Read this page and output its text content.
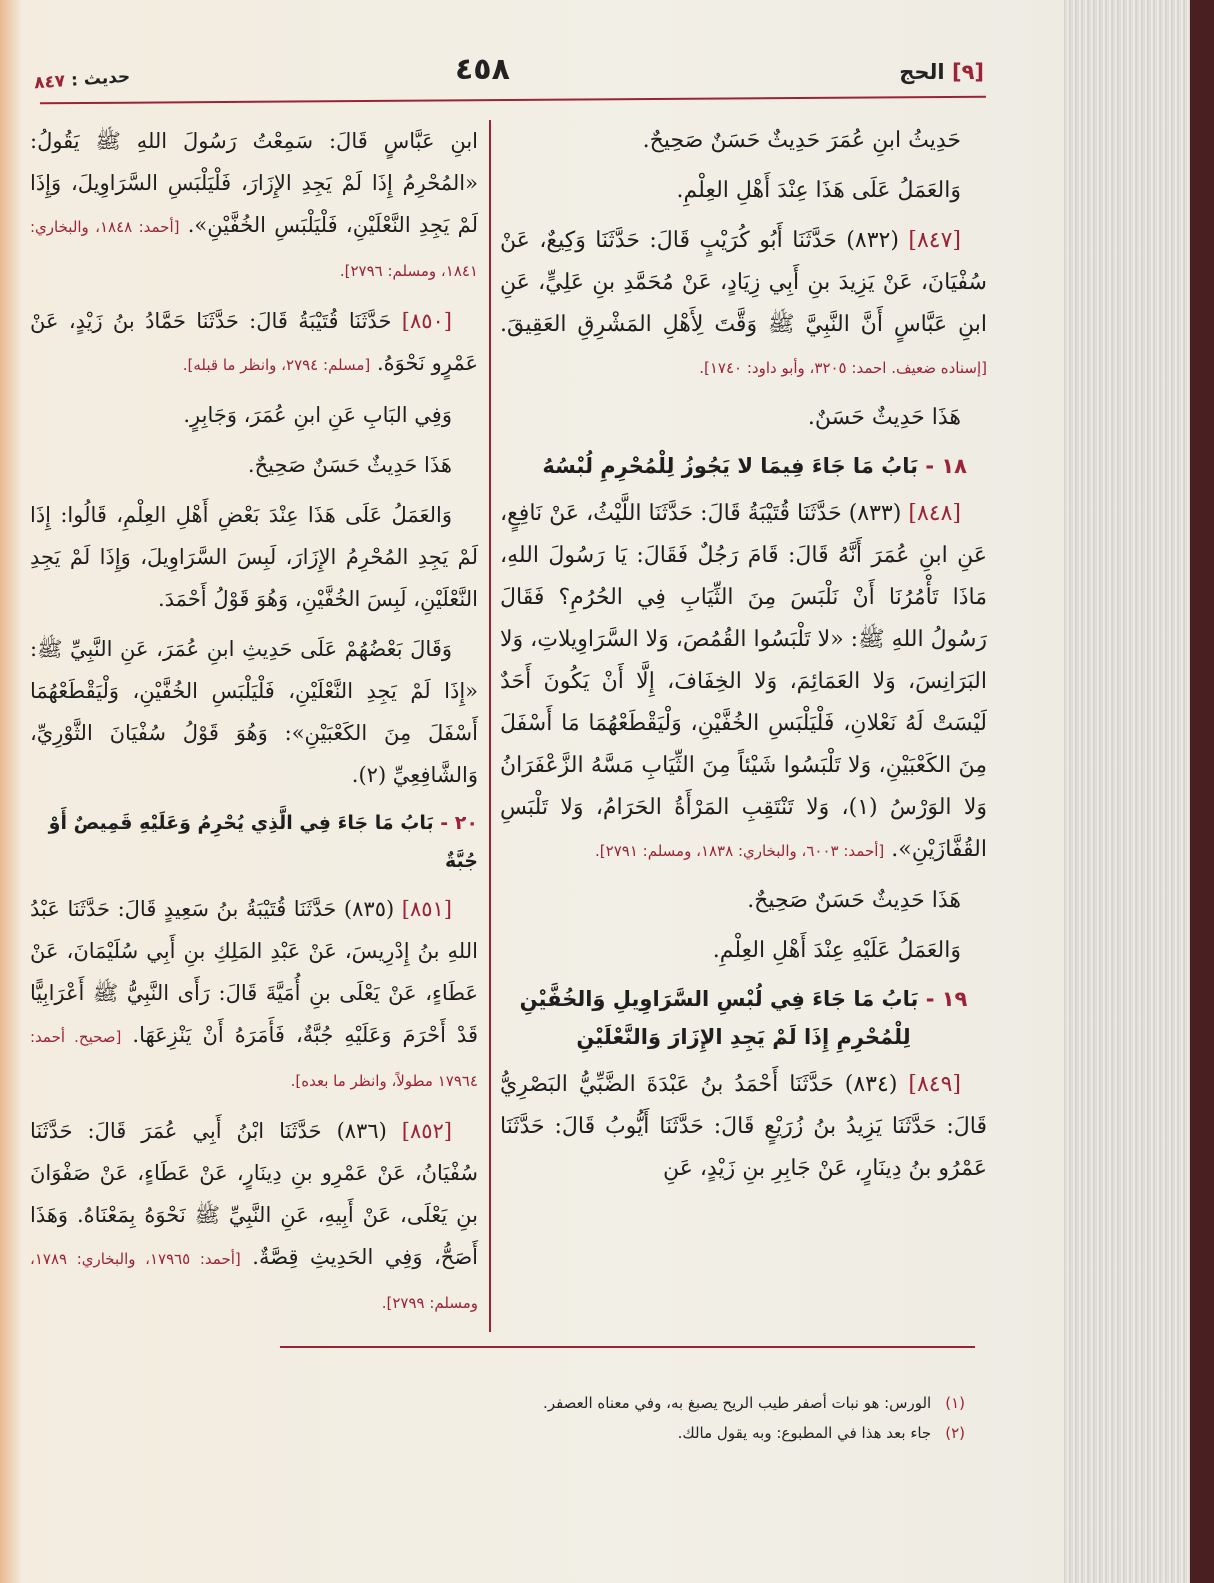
[٩] الحج
٤٥٨
حديث : ٨٤٧

حَدِيثُ ابنِ عُمَرَ حَدِيثٌ حَسَنٌ صَحِيحٌ.

وَالعَمَلُ عَلَى هَذَا عِنْدَ أَهْلِ العِلْمِ.

[٨٤٧] (٨٣٢) حَدَّثَنَا أَبُو كُرَيْبٍ قَالَ: حَدَّثَنَا وَكِيعٌ، عَنْ سُفْيَانَ، عَنْ يَزِيدَ بنِ أَبِي زِيَادٍ، عَنْ مُحَمَّدِ بنِ عَلِيٍّ، عَنِ ابنِ عَبَّاسٍ أَنَّ النَّبِيَّ ﷺ وَقَّتَ لِأَهْلِ المَشْرِقِ العَقِيقَ. [إسناده ضعيف. احمد: ٣٢٠٥، وأبو داود: ١٧٤٠].

هَذَا حَدِيثٌ حَسَنٌ.

١٨ - بَابُ مَا جَاءَ فِيمَا لا يَجُوزُ لِلْمُحْرِمِ لُبْسُهُ

[٨٤٨] (٨٣٣) حَدَّثَنَا قُتَيْبَةُ قَالَ: حَدَّثَنَا اللَّيْثُ، عَنْ نَافِعٍ، عَنِ ابنِ عُمَرَ أَنَّهُ قَالَ: قَامَ رَجُلٌ فَقَالَ: يَا رَسُولَ اللهِ، مَاذَا تَأْمُرُنَا أَنْ نَلْبَسَ مِنَ الثِّيَابِ فِي الحُرُمِ؟ فَقَالَ رَسُولُ اللهِ ﷺ: «لا تَلْبَسُوا القُمُصَ، وَلا السَّرَاوِيلاتِ، وَلا البَرَانِسَ، وَلا العَمَائِمَ، وَلا الخِفَافَ، إِلَّا أَنْ يَكُونَ أَحَدٌ لَيْسَتْ لَهُ نَعْلانِ، فَلْيَلْبَسِ الخُفَّيْنِ، وَلْيَقْطَعْهُمَا مَا أَسْفَلَ مِنَ الكَعْبَيْنِ، وَلا تَلْبَسُوا شَيْئاً مِنَ الثِّيَابِ مَسَّهُ الزَّعْفَرَانُ وَلا الوَرْسُ (١)، وَلا تَنْتَقِبِ المَرْأَةُ الحَرَامُ، وَلا تَلْبَسِ القُفَّازَيْنِ». [أحمد: ٦٠٠٣، والبخاري: ١٨٣٨، ومسلم: ٢٧٩١].

هَذَا حَدِيثٌ حَسَنٌ صَحِيحٌ.

وَالعَمَلُ عَلَيْهِ عِنْدَ أَهْلِ العِلْمِ.

١٩ - بَابُ مَا جَاءَ فِي لُبْسِ السَّرَاوِيلِ وَالخُفَّيْنِ لِلْمُحْرِمِ إِذَا لَمْ يَجِدِ الإِزَارَ وَالنَّعْلَيْنِ

[٨٤٩] (٨٣٤) حَدَّثَنَا أَحْمَدُ بنُ عَبْدَةَ الضَّبِّيُّ البَصْرِيُّ قَالَ: حَدَّثَنَا يَزِيدُ بنُ زُرَيْعٍ قَالَ: حَدَّثَنَا أَيُّوبُ قَالَ: حَدَّثَنَا عَمْرُو بنُ دِينَارٍ، عَنْ جَابِرِ بنِ زَيْدٍ، عَنِ

ابنِ عَبَّاسٍ قَالَ: سَمِعْتُ رَسُولَ اللهِ ﷺ يَقُولُ: «المُحْرِمُ إِذَا لَمْ يَجِدِ الإِزَارَ، فَلْيَلْبَسِ السَّرَاوِيلَ، وَإِذَا لَمْ يَجِدِ النَّعْلَيْنِ، فَلْيَلْبَسِ الخُفَّيْنِ». [أحمد: ١٨٤٨، والبخاري: ١٨٤١، ومسلم: ٢٧٩٦].

[٨٥٠] حَدَّثَنَا قُتَيْبَةُ قَالَ: حَدَّثَنَا حَمَّادُ بنُ زَيْدٍ، عَنْ عَمْرٍو نَحْوَهُ. [مسلم: ٢٧٩٤، وانظر ما قبله].

وَفِي البَابِ عَنِ ابنِ عُمَرَ، وَجَابِرٍ.

هَذَا حَدِيثٌ حَسَنٌ صَحِيحٌ.

وَالعَمَلُ عَلَى هَذَا عِنْدَ بَعْضِ أَهْلِ العِلْمِ، قَالُوا: إِذَا لَمْ يَجِدِ المُحْرِمُ الإِزَارَ، لَبِسَ السَّرَاوِيلَ، وَإِذَا لَمْ يَجِدِ النَّعْلَيْنِ، لَبِسَ الخُفَّيْنِ، وَهُوَ قَوْلُ أَحْمَدَ.

وَقَالَ بَعْضُهُمْ عَلَى حَدِيثِ ابنِ عُمَرَ، عَنِ النَّبِيِّ ﷺ: «إِذَا لَمْ يَجِدِ النَّعْلَيْنِ، فَلْيَلْبَسِ الخُفَّيْنِ، وَلْيَقْطَعْهُمَا أَسْفَلَ مِنَ الكَعْبَيْنِ»: وَهُوَ قَوْلُ سُفْيَانَ الثَّوْرِيِّ، وَالشَّافِعِيِّ (٢).

٢٠ - بَابُ مَا جَاءَ فِي الَّذِي يُحْرِمُ وَعَلَيْهِ قَمِيصٌ أَوْ جُبَّةٌ

[٨٥١] (٨٣٥) حَدَّثَنَا قُتَيْبَةُ بنُ سَعِيدٍ قَالَ: حَدَّثَنَا عَبْدُ اللهِ بنُ إِدْرِيسَ، عَنْ عَبْدِ المَلِكِ بنِ أَبِي سُلَيْمَانَ، عَنْ عَطَاءٍ، عَنْ يَعْلَى بنِ أُمَيَّةَ قَالَ: رَأَى النَّبِيُّ ﷺ أَعْرَابِيًّا قَدْ أَحْرَمَ وَعَلَيْهِ جُبَّةٌ، فَأَمَرَهُ أَنْ يَنْزِعَهَا. [صحيح. أحمد: ١٧٩٦٤ مطولاً، وانظر ما بعده].

[٨٥٢] (٨٣٦) حَدَّثَنَا ابْنُ أَبِي عُمَرَ قَالَ: حَدَّثَنَا سُفْيَانُ، عَنْ عَمْرِو بنِ دِينَارٍ، عَنْ عَطَاءٍ، عَنْ صَفْوَانَ بنِ يَعْلَى، عَنْ أَبِيهِ، عَنِ النَّبِيِّ ﷺ نَحْوَهُ بِمَعْنَاهُ. وَهَذَا أَصَحُّ، وَفِي الحَدِيثِ قِصَّةٌ. [أحمد: ١٧٩٦٥، والبخاري: ١٧٨٩، ومسلم: ٢٧٩٩].

(١)الورس: هو نبات أصفر طيب الريح يصبغ به، وفي معناه العصفر.
(٢)جاء بعد هذا في المطبوع: وبه يقول مالك.
